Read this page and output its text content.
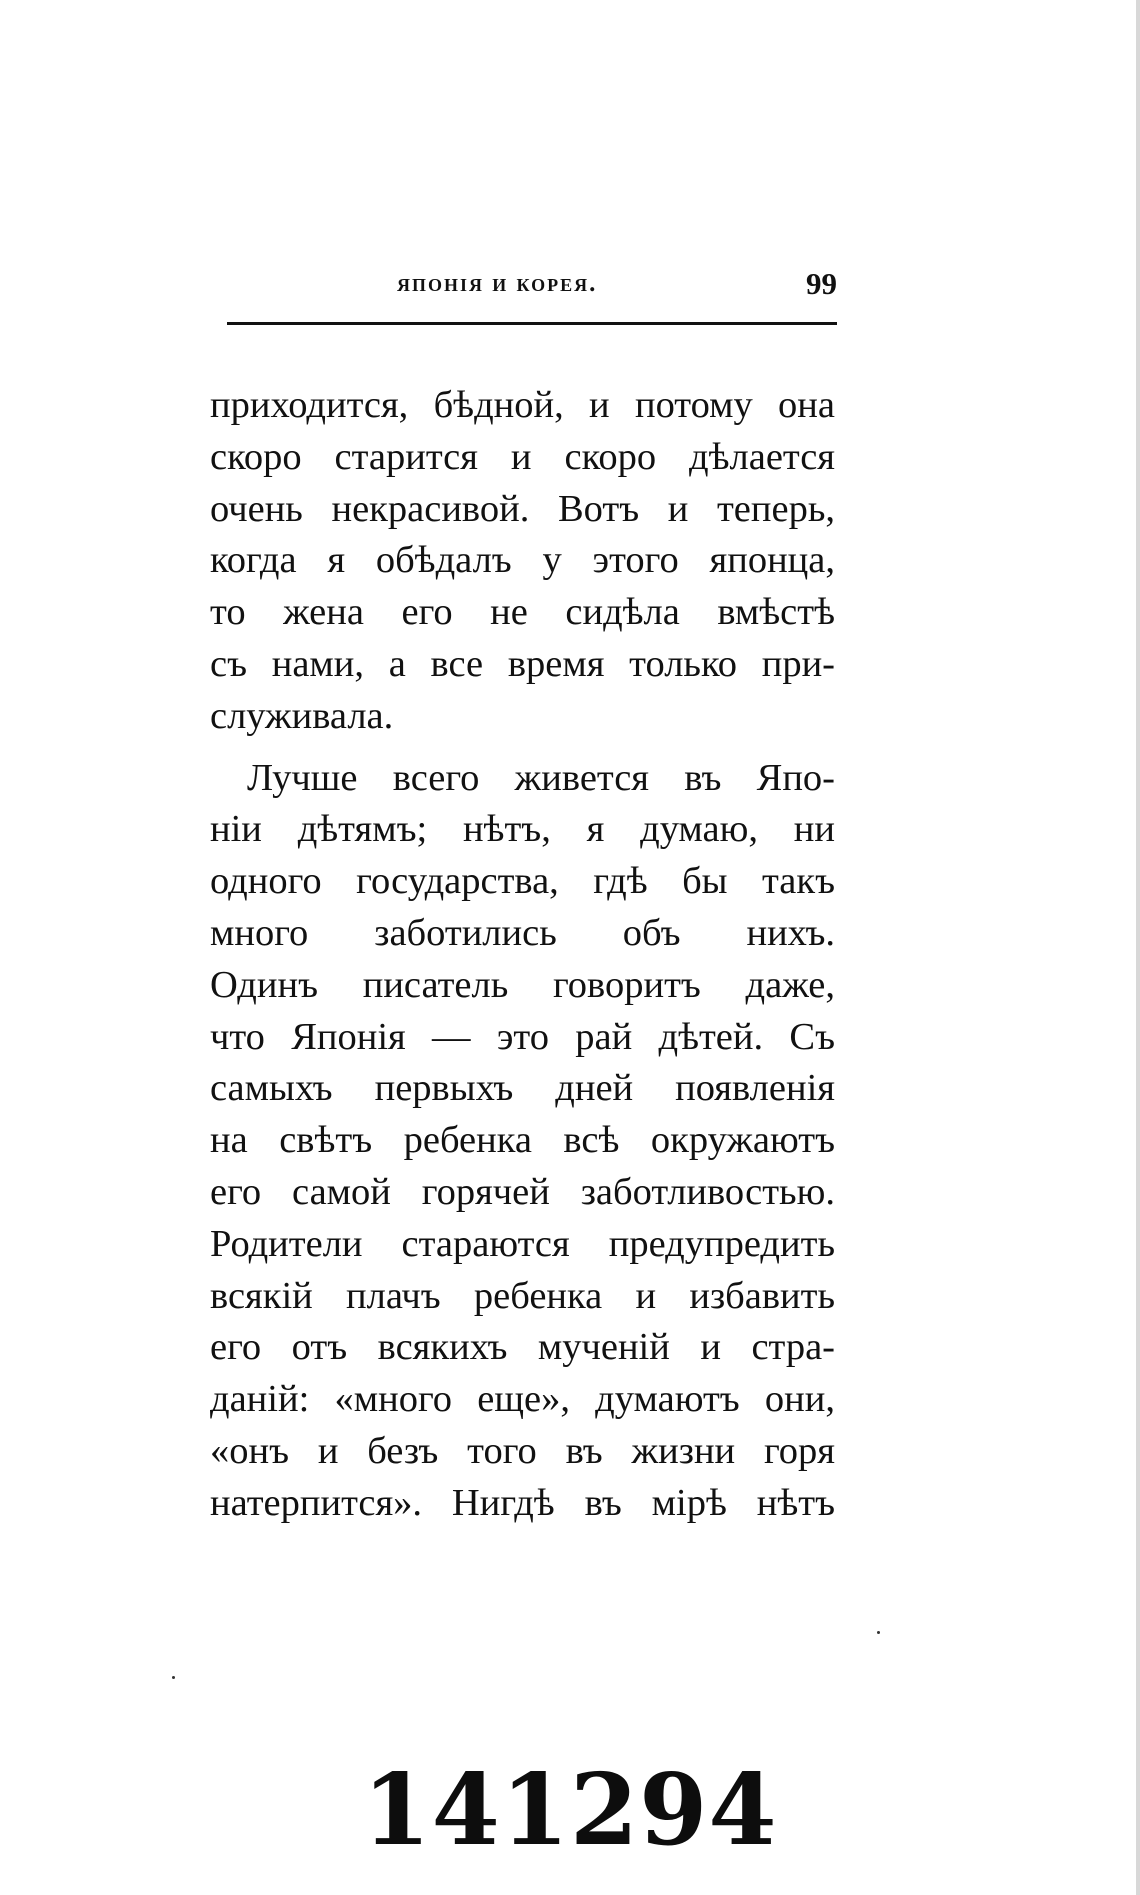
японія и корея.	99
приходится, бѣдной, и потому она
скоро старится и скоро дѣлается
очень некрасивой. Вотъ и теперь,
когда я обѣдалъ у этого японца,
то жена его не сидѣла вмѣстѣ
съ нами, а все время только при-
служивала.
Лучше всего живется въ Япо-
ніи дѣтямъ; нѣтъ, я думаю, ни
одного государства, гдѣ бы такъ
много заботились объ нихъ.
Одинъ писатель говоритъ даже,
что Японія — это рай дѣтей. Съ
самыхъ первыхъ дней появленія
на свѣтъ ребенка всѣ окружаютъ
его самой горячей заботливостью.
Родители стараются предупредить
всякій плачъ ребенка и избавить
его отъ всякихъ мученій и стра-
даній: «много еще», думаютъ они,
«онъ и безъ того въ жизни горя
натерпится». Нигдѣ въ мірѣ нѣтъ
141294
